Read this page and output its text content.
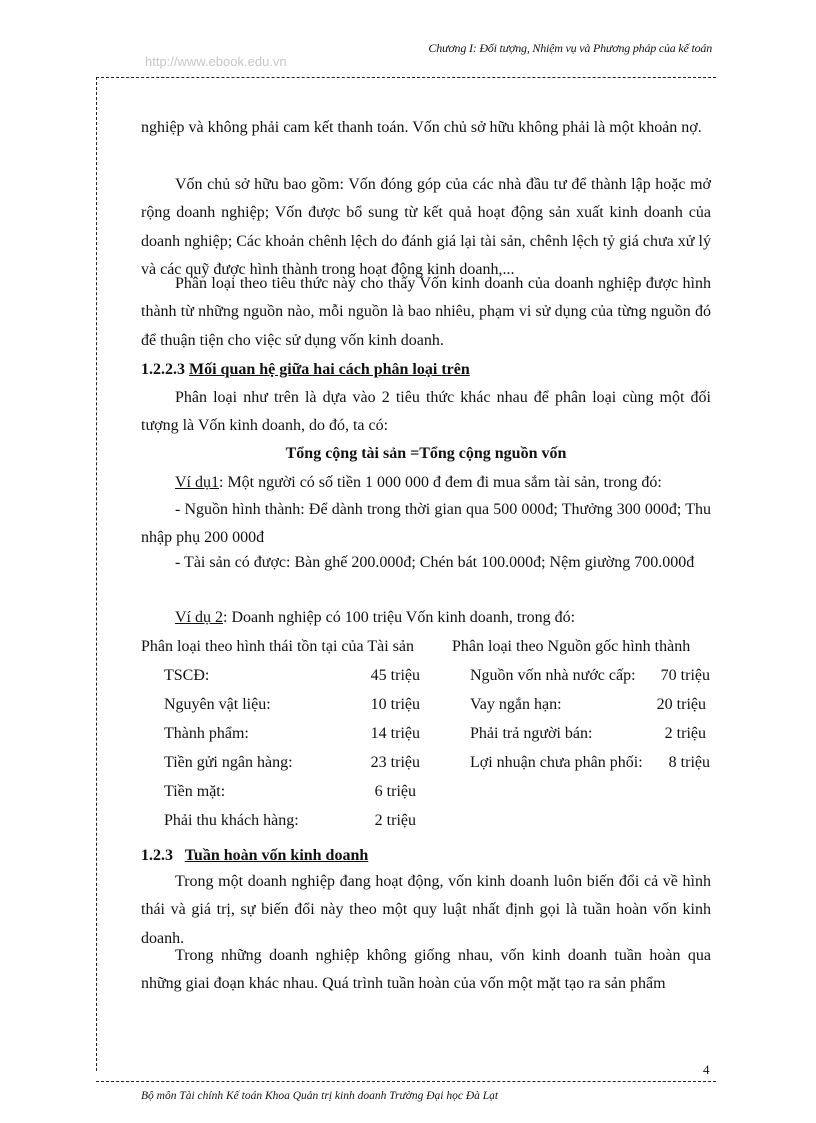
Chương I: Đối tượng, Nhiệm vụ và Phương pháp của kế toán
http://www.ebook.edu.vn

nghiệp và không phải cam kết thanh toán. Vốn chủ sở hữu không phải là một khoản nợ.

Vốn chủ sở hữu bao gồm: Vốn đóng góp của các nhà đầu tư để thành lập hoặc mở rộng doanh nghiệp; Vốn được bổ sung từ kết quả hoạt động sản xuất kinh doanh của doanh nghiệp; Các khoản chênh lệch do đánh giá lại tài sản, chênh lệch tỷ giá chưa xử lý và các quỹ được hình thành trong hoạt động kinh doanh,...

Phân loại theo tiêu thức này cho thấy Vốn kinh doanh của doanh nghiệp được hình thành từ những nguồn nào, mỗi nguồn là bao nhiêu, phạm vi sử dụng của từng nguồn đó để thuận tiện cho việc sử dụng vốn kinh doanh.

1.2.2.3 Mối quan hệ giữa hai cách phân loại trên

Phân loại như trên là dựa vào 2 tiêu thức khác nhau để phân loại cùng một đối tượng là Vốn kinh doanh, do đó, ta có:

Tổng cộng tài sản =Tổng cộng nguồn vốn
Ví dụ1: Một người có số tiền 1 000 000 đ đem đi mua sắm tài sản, trong đó:

- Nguồn hình thành: Để dành trong thời gian qua 500 000đ; Thưởng 300 000đ; Thu nhập phụ 200 000đ

- Tài sản có được: Bàn ghế 200.000đ; Chén bát 100.000đ; Nệm giường 700.000đ

Ví dụ 2: Doanh nghiệp có 100 triệu Vốn kinh doanh, trong đó:
Phân loại theo hình thái tồn tại của Tài sản Phân loại theo Nguồn gốc hình thành
TSCĐ:	45 triệu
Nguyên vật liệu:	10 triệu
Thành phẩm:	14 triệu
Tiền gửi ngân hàng:	23 triệu
Tiền mặt:	6 triệu
Phải thu khách hàng:	2 triệu
Nguồn vốn nhà nước cấp:	70 triệu
Vay ngắn hạn:	20 triệu
Phải trả người bán:	2 triệu
Lợi nhuận chưa phân phối:	8 triệu
1.2.3 Tuần hoàn vốn kinh doanh

Trong một doanh nghiệp đang hoạt động, vốn kinh doanh luôn biến đổi cả về hình thái và giá trị, sự biến đổi này theo một quy luật nhất định gọi là tuần hoàn vốn kinh doanh.

Trong những doanh nghiệp không giống nhau, vốn kinh doanh tuần hoàn qua những giai đoạn khác nhau. Quá trình tuần hoàn của vốn một mặt tạo ra sản phẩm

4
Bộ môn Tài chính Kế toán Khoa Quản trị kinh doanh Trường Đại học Đà Lạt
